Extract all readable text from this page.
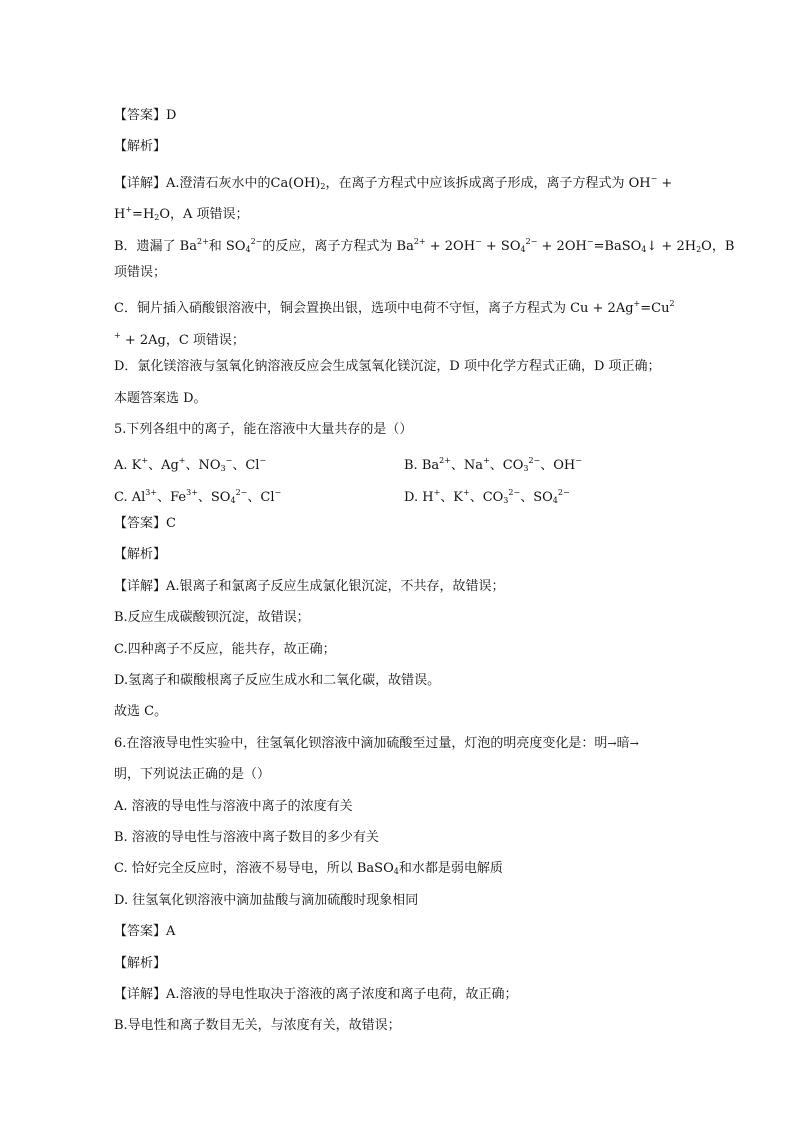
【答案】D
【解析】
【详解】A.澄清石灰水中的$Ca(OH)_2$，在离子方程式中应该拆成离子形成，离子方程式为 OH− +
$H^+=H_2O$，A 项错误；
B．遗漏了 $Ba^{2+}$和 $SO_4^{2-}$的反应，离子方程式为 $Ba^{2+} + 2OH^- + SO_4^{2-}$ + 2OH−=BaSO$_4$↓ + $2H_2O$，B
项错误；
C．铜片插入硝酸银溶液中，铜会置换出银，选项中电荷不守恒，离子方程式为 $Cu + 2Ag^+=Cu^2$
+ + 2Ag，C 项错误；
D．氯化镁溶液与氢氧化钠溶液反应会生成氢氧化镁沉淀，D 项中化学方程式正确，D 项正确；
本题答案选 D。
5.下列各组中的离子，能在溶液中大量共存的是（）
A. K+、Ag+、$NO_3^-$、Cl−	B. $Ba^{2+}$、Na+、$CO_3^{2-}$、OH−
C. $Al^{3+}$、$Fe^{3+}$、$SO_4^{2-}$、Cl−	D. H+、K+、$CO_3^{2-}$、$SO_4^{2-}$
【答案】C
【解析】
【详解】A.银离子和氯离子反应生成氯化银沉淀，不共存，故错误；
B.反应生成碳酸钡沉淀，故错误；
C.四种离子不反应，能共存，故正确；
D.氢离子和碳酸根离子反应生成水和二氧化碳，故错误。
故选 C。
6.在溶液导电性实验中，往氢氧化钡溶液中滴加硫酸至过量，灯泡的明亮度变化是：明→暗→
明，下列说法正确的是（）
A. 溶液的导电性与溶液中离子的浓度有关
B. 溶液的导电性与溶液中离子数目的多少有关
C. 恰好完全反应时，溶液不易导电，所以 BaSO$_4$和水都是弱电解质
D. 往氢氧化钡溶液中滴加盐酸与滴加硫酸时现象相同
【答案】A
【解析】
【详解】A.溶液的导电性取决于溶液的离子浓度和离子电荷，故正确；
B.导电性和离子数目无关，与浓度有关，故错误；
